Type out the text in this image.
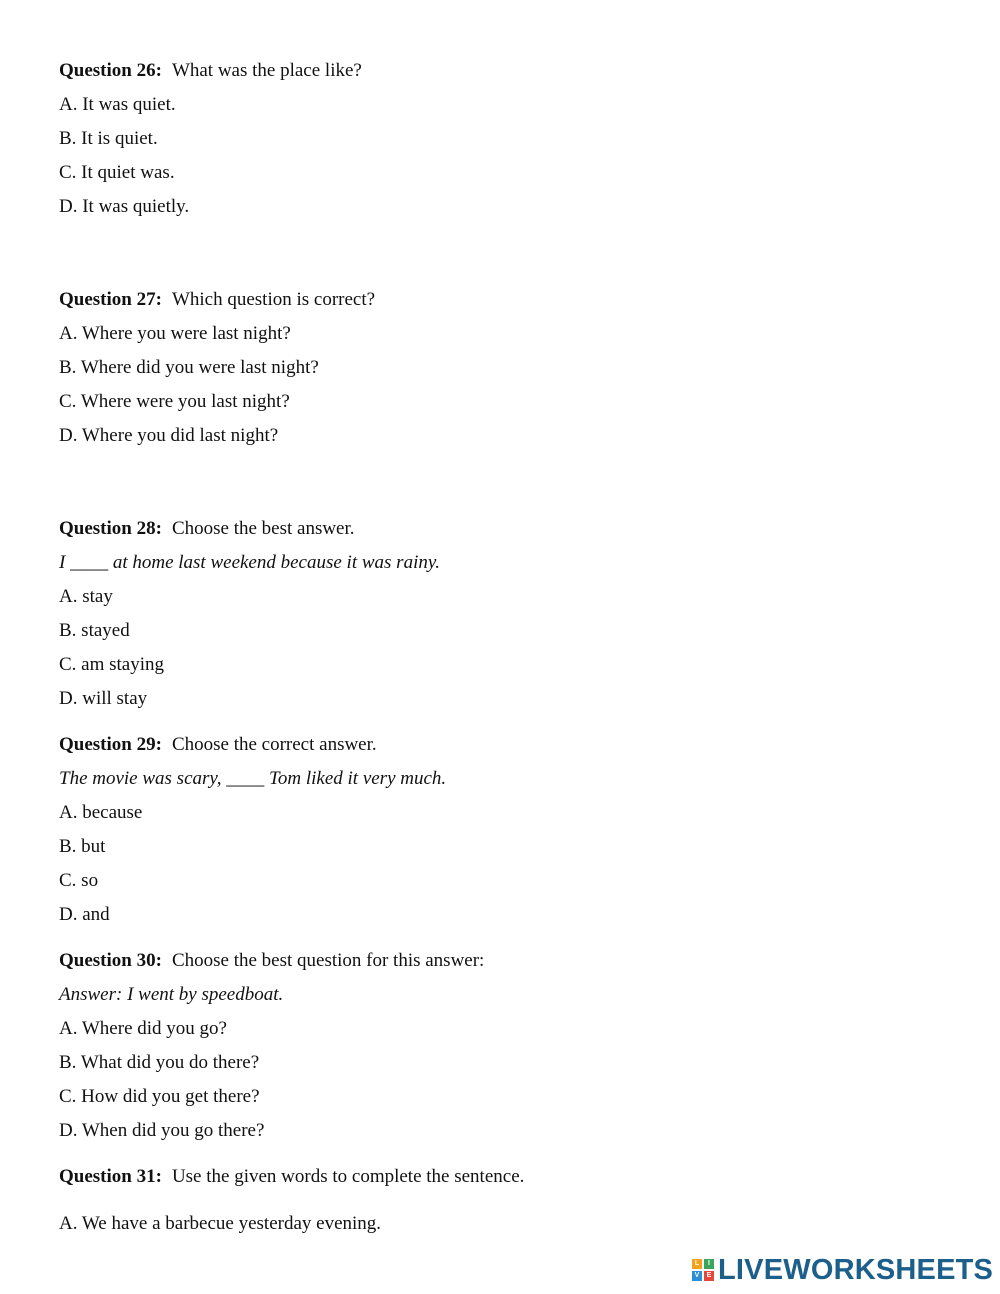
Question 26: What was the place like?
A. It was quiet.
B. It is quiet.
C. It quiet was.
D. It was quietly.
Question 27: Which question is correct?
A. Where you were last night?
B. Where did you were last night?
C. Where were you last night?
D. Where you did last night?
Question 28: Choose the best answer.
I ____ at home last weekend because it was rainy.
A. stay
B. stayed
C. am staying
D. will stay
Question 29: Choose the correct answer.
The movie was scary, ____ Tom liked it very much.
A. because
B. but
C. so
D. and
Question 30: Choose the best question for this answer:
Answer: I went by speedboat.
A. Where did you go?
B. What did you do there?
C. How did you get there?
D. When did you go there?
Question 31: Use the given words to complete the sentence.
A. We have a barbecue yesterday evening.
L	I
V	E LIVEWORKSHEETS
